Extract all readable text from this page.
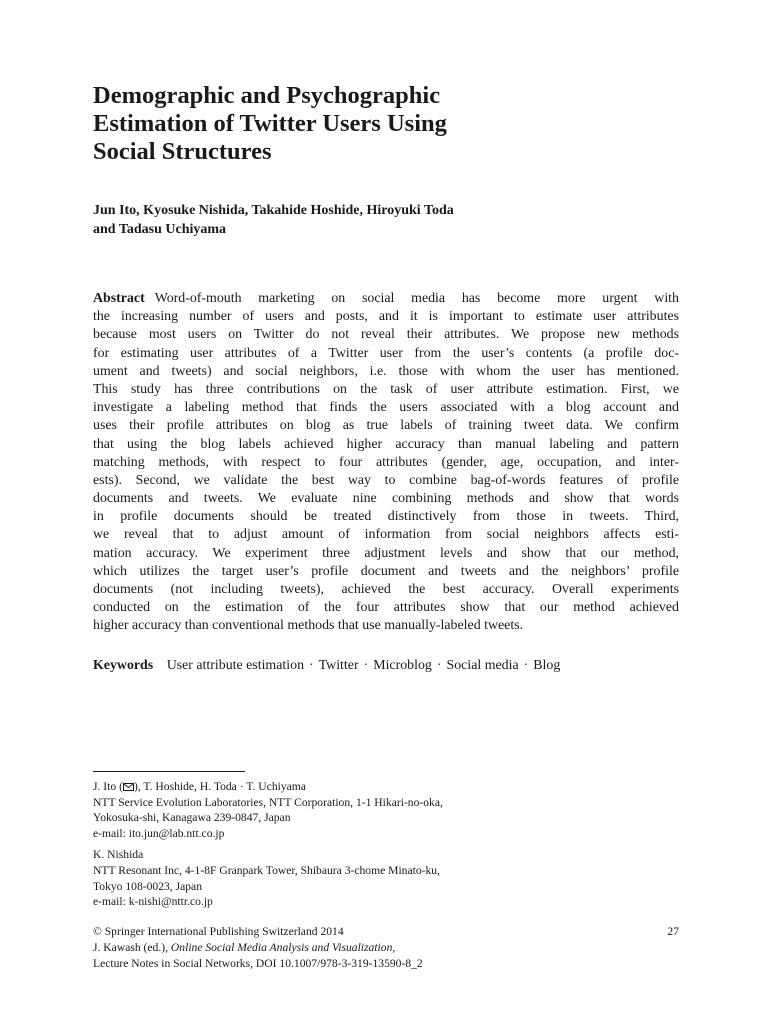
Demographic and Psychographic
Estimation of Twitter Users Using
Social Structures
Jun Ito, Kyosuke Nishida, Takahide Hoshide, Hiroyuki Toda
and Tadasu Uchiyama
Abstract Word-of-mouth marketing on social media has become more urgent with
the increasing number of users and posts, and it is important to estimate user attributes
because most users on Twitter do not reveal their attributes. We propose new methods
for estimating user attributes of a Twitter user from the user’s contents (a profile doc-
ument and tweets) and social neighbors, i.e. those with whom the user has mentioned.
This study has three contributions on the task of user attribute estimation. First, we
investigate a labeling method that finds the users associated with a blog account and
uses their profile attributes on blog as true labels of training tweet data. We confirm
that using the blog labels achieved higher accuracy than manual labeling and pattern
matching methods, with respect to four attributes (gender, age, occupation, and inter-
ests). Second, we validate the best way to combine bag-of-words features of profile
documents and tweets. We evaluate nine combining methods and show that words
in profile documents should be treated distinctively from those in tweets. Third,
we reveal that to adjust amount of information from social neighbors affects esti-
mation accuracy. We experiment three adjustment levels and show that our method,
which utilizes the target user’s profile document and tweets and the neighbors’ profile
documents (not including tweets), achieved the best accuracy. Overall experiments
conducted on the estimation of the four attributes show that our method achieved
higher accuracy than conventional methods that use manually-labeled tweets.
Keywords User attribute estimation · Twitter · Microblog · Social media · Blog
J. Ito ( ), T. Hoshide, H. Toda · T. Uchiyama
NTT Service Evolution Laboratories, NTT Corporation, 1-1 Hikari-no-oka,
Yokosuka-shi, Kanagawa 239-0847, Japan
e-mail: ito.jun@lab.ntt.co.jp
K. Nishida
NTT Resonant Inc, 4-1-8F Granpark Tower, Shibaura 3-chome Minato-ku,
Tokyo 108-0023, Japan
e-mail: k-nishi@nttr.co.jp
© Springer International Publishing Switzerland 2014
J. Kawash (ed.), Online Social Media Analysis and Visualization,
Lecture Notes in Social Networks, DOI 10.1007/978-3-319-13590-8_2
27
